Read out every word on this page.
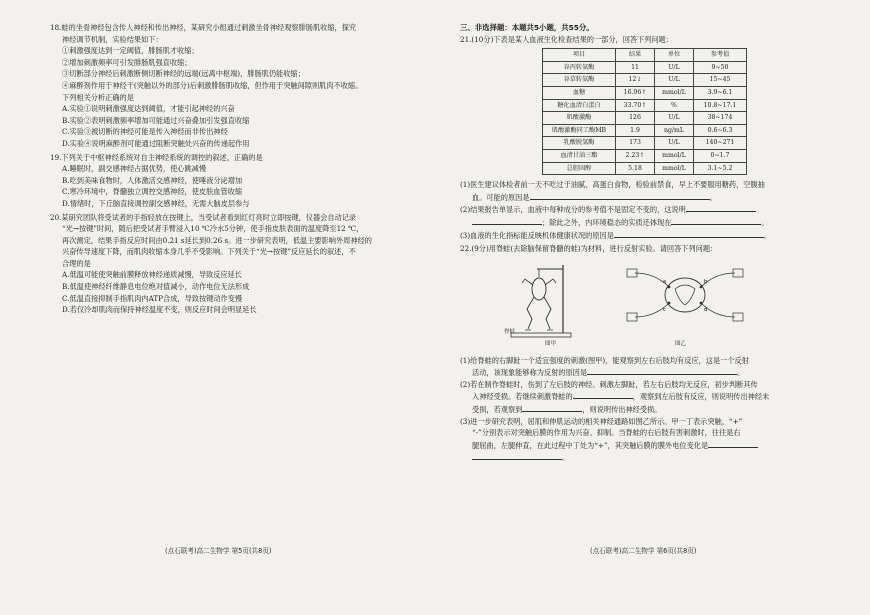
18.蛙的坐骨神经包含传人神经和传出神经，某研究小组通过刺激坐骨神经观察腓肠肌收缩，探究

神经调节机制，实验结果如下：

①刺激强度达到一定阈值，腓肠肌才收缩；

②增加刺激频率可引发腓肠肌强直收缩；

③切断部分神经后刺激断侧切断神经的远端(远离中枢端)，腓肠肌仍能收缩；

④麻醉剂作用于神经干(突触以外的部分)后刺激腓肠肌收缩，但作用于突触间隙则肌肉不收缩。

下列相关分析正确的是

A.实验①说明刺激强度达到阈值，才能引起神经的兴奋

B.实验②表明刺激频率增加可能通过兴奋叠加引发强直收缩

C.实验③被切断的神经可能是传入神经而非传出神经

D.实验④说明麻醉剂可能通过阻断突触处兴奋的传递起作用

19.下列关于中枢神经系统对自主神经系统的调控的叙述，正确的是

A.睡眠时，副交感神经占据优势，使心跳减慢

B.吃到美味食物时，人体激活交感神经，使唾液分泌增加

C.寒冷环境中，脊髓独立调控交感神经，使皮肤血管收缩

D.情绪时，下丘脑直接调控副交感神经，无需大脑皮层参与

20.某研究团队将受试者的手指轻放在按键上，当受试者看到红灯亮时立即按键，仪器会自动记录

“光→按键”时间，随后把受试者手臂浸入10 ℃冷水5分钟，使手指皮肤表面的温度降至12 ℃，

再次测定，结果手指反应时间由0.21 s延长到0.26 s。进一步研究表明，低温主要影响外周神经的

兴奋传导速度下降，而肌肉收缩本身几乎不受影响。下列关于“光→按键”反应延长的叙述，不

合理的是

A.低温可能使突触前膜释放神经递质减慢，导致反应延长

B.低温使神经纤维静息电位绝对值减小，动作电位无法形成

C.低温直接抑制手指肌肉内ATP合成，导致按键动作变慢

D.若仅冷却肌肉而保持神经温度不变，则反应时间会明显延长

(点石联考)高二生物学 第5页(共8页)

三、非选择题：本题共5小题，共55分。

21.(10分)下表是某人血液生化检查结果的一部分，回答下列问题：

项目	结果	单位	参考值
谷丙转氨酶	11	U/L	9~50
谷草转氨酶	12↓	U/L	15~45
血糖	16.96↑	mmol/L	3.9~6.1
糖化血清白蛋白	33.70↑	%	10.8~17.1
肌酸激酶	126	U/L	38~174
肌酸激酶同工酶MB	1.9	ng/mL	0.6~6.3
乳酸脱氢酶	173	U/L	140~271
血清甘油三酯	2.23↑	mmol/L	0~1.7
总胆固醇	5.18	mmol/L	3.1~5.2

(1)医生建议体检者前一天不吃过于油腻、高蛋白食物，检验前禁食，早上不要服用糖药，空腹抽

血。可能的原因是	。

(2)结果报告单显示，血液中每种成分的参考值不是固定不变的，这说明

；除此之外，内环境稳态的实质还体现在	。

(3)血液的生化指标能反映机体健康状况的原因是	。

22.(9分)用脊蛙(去除脑保留脊髓的蛙)为材料，进行反射实验。请回答下列问题：

脊蛙
图甲
a	b
c	d
图乙

(1)给脊蛙的右脚趾一个适宜强度的刺激(图甲)，能观察到左右后肢均有反应，这是一个反射

活动，该现象能够称为反射的原因是	。

(2)若在制作脊蛙时，伤到了左后肢的神经。刺激左脚趾，若左右后肢均无反应，初步判断其传

入神经受损。若继续刺激脊蛙的	，观察到左后肢有反应，则说明传出神经未

受损，若观察到	，则说明传出神经受损。

(3)进一步研究表明，屈肌和伸肌运动的相关神经通路如图乙所示。甲一丁表示突触，“+”

“-”分别表示对突触后膜的作用为兴奋、抑制。当脊蛙的右后肢有害刺激时，往往是右

腿屈曲，左腿伸直，在此过程中丁处为“+”，其突触后膜的膜外电位变化是

。

(点石联考)高二生物学 第6页(共8页)
